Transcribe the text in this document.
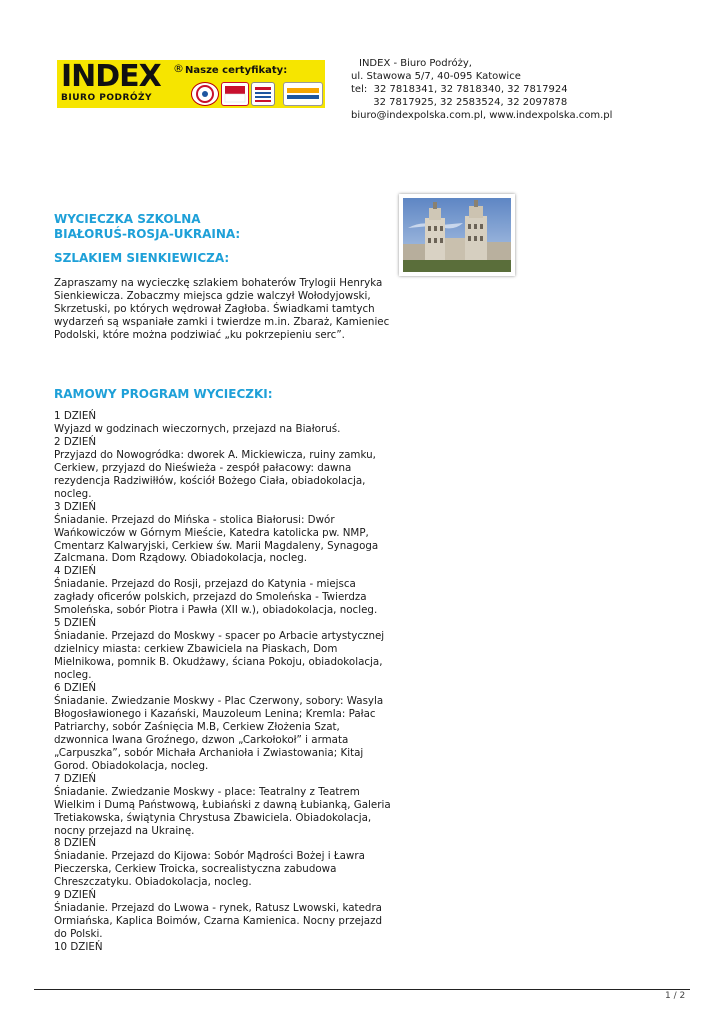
INDEX ®
BIURO PODRÓŻY
Nasze certyfikaty:
INDEX - Biuro Podróży,
ul. Stawowa 5/7, 40-095 Katowice
tel:  32 7818341, 32 7818340, 32 7817924
32 7817925, 32 2583524, 32 2097878
biuro@indexpolska.com.pl, www.indexpolska.com.pl
WYCIECZKA SZKOLNA
BIAŁORUŚ-ROSJA-UKRAINA:
SZLAKIEM SIENKIEWICZA:

Zapraszamy na wycieczkę szlakiem bohaterów Trylogii Henryka Sienkiewicza. Zobaczmy miejsca gdzie walczył Wołodyjowski, Skrzetuski, po których wędrował Zagłoba. Świadkami tamtych wydarzeń są wspaniałe zamki i twierdze m.in. Zbaraż, Kamieniec Podolski, które można podziwiać „ku pokrzepieniu serc”.

RAMOWY PROGRAM WYCIECZKI:
1 DZIEŃ
Wyjazd w godzinach wieczornych, przejazd na Białoruś.
2 DZIEŃ
Przyjazd do Nowogródka: dworek A. Mickiewicza, ruiny zamku, Cerkiew, przyjazd do Nieświeża - zespół pałacowy: dawna rezydencja Radziwiłłów, kościół Bożego Ciała, obiadokolacja, nocleg.
3 DZIEŃ
Śniadanie. Przejazd do Mińska - stolica Białorusi: Dwór Wańkowiczów w Górnym Mieście, Katedra katolicka pw. NMP, Cmentarz Kalwaryjski, Cerkiew św. Marii Magdaleny, Synagoga Zalcmana. Dom Rządowy. Obiadokolacja, nocleg.
4 DZIEŃ
Śniadanie. Przejazd do Rosji, przejazd do Katynia - miejsca zagłady oficerów polskich, przejazd do Smoleńska - Twierdza Smoleńska, sobór Piotra i Pawła (XII w.), obiadokolacja, nocleg.
5 DZIEŃ
Śniadanie. Przejazd do Moskwy - spacer po Arbacie artystycznej dzielnicy miasta: cerkiew Zbawiciela na Piaskach, Dom Mielnikowa, pomnik B. Okudżawy, ściana Pokoju, obiadokolacja, nocleg.
6 DZIEŃ
Śniadanie. Zwiedzanie Moskwy - Plac Czerwony, sobory: Wasyla Błogosławionego i Kazański, Mauzoleum Lenina; Kremla: Pałac Patriarchy, sobór Zaśnięcia M.B, Cerkiew Złożenia Szat, dzwonnica Iwana Groźnego, dzwon „Carkołokoł” i armata „Carpuszka”, sobór Michała Archanioła i Zwiastowania; Kitaj Gorod. Obiadokolacja, nocleg.
7 DZIEŃ
Śniadanie. Zwiedzanie Moskwy - place: Teatralny z Teatrem Wielkim i Dumą Państwową, Łubiański z dawną Łubianką, Galeria Tretiakowska, świątynia Chrystusa Zbawiciela. Obiadokolacja, nocny przejazd na Ukrainę.
8 DZIEŃ
Śniadanie. Przejazd do Kijowa: Sobór Mądrości Bożej i Ławra Pieczerska, Cerkiew Troicka, socrealistyczna zabudowa Chreszczatyku. Obiadokolacja, nocleg.
9 DZIEŃ
Śniadanie. Przejazd do Lwowa - rynek, Ratusz Lwowski, katedra Ormiańska, Kaplica Boimów, Czarna Kamienica. Nocny przejazd do Polski.
10 DZIEŃ
1 / 2
